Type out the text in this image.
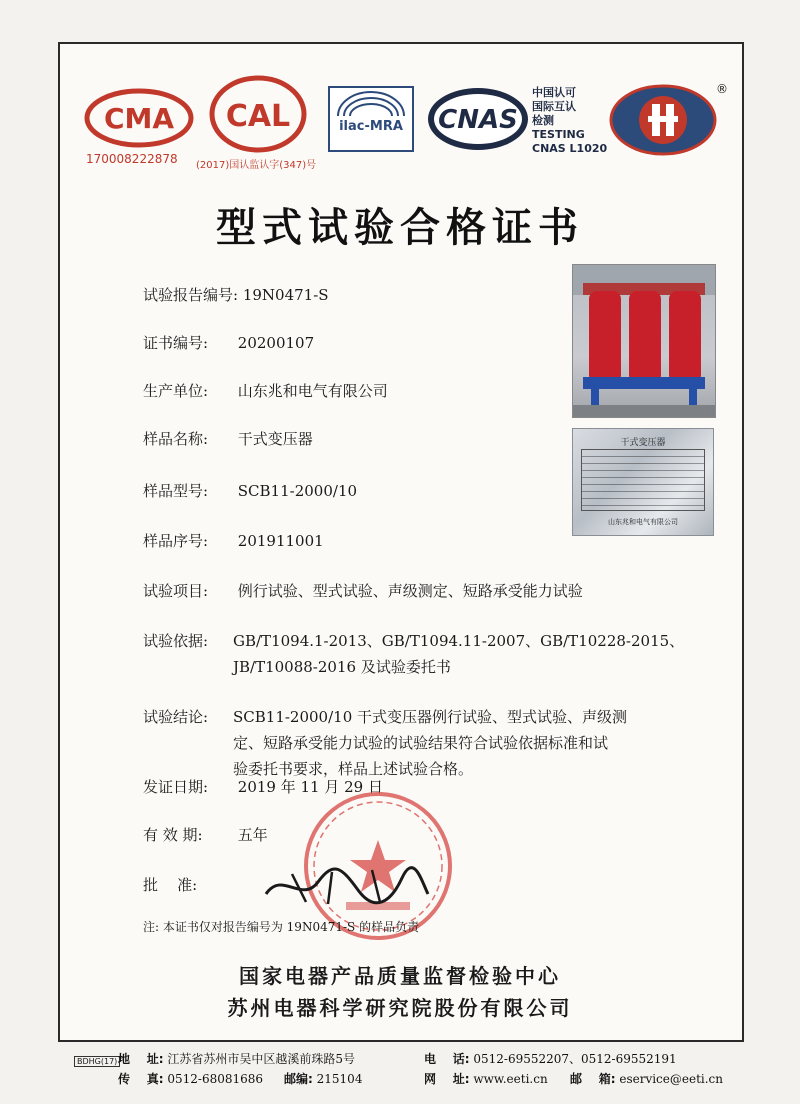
CMA
170008222878
CAL
(2017)国认监认字(347)号
ilac-MRA CNAS
中国认可
国际互认
检测
TESTING
CNAS L1020
®
型式试验合格证书
干式变压器
山东兆和电气有限公司
试验报告编号: 19N0471-S
证书编号: 20200107
生产单位: 山东兆和电气有限公司
样品名称: 干式变压器
样品型号: SCB11-2000/10
样品序号: 201911001
试验项目: 例行试验、型式试验、声级测定、短路承受能力试验
试验依据: GB/T1094.1-2013、GB/T1094.11-2007、GB/T10228-2015、
JB/T10088-2016 及试验委托书
试验结论: SCB11-2000/10 干式变压器例行试验、型式试验、声级测
定、短路承受能力试验的试验结果符合试验依据标准和试
验委托书要求，样品上述试验合格。
发证日期: 2019 年 11 月 29 日
有 效 期: 五年
批    准:
注: 本证书仅对报告编号为 19N0471-S 的样品负责
国家电器产品质量监督检验中心
苏州电器科学研究院股份有限公司
BDHG(17) 地    址: 江苏省苏州市吴中区越溪前珠路5号	电    话: 0512-69552207、0512-69552191
传    真: 0512-68081686 邮编: 215104	网    址: www.eeti.cn 邮    箱: eservice@eeti.cn
